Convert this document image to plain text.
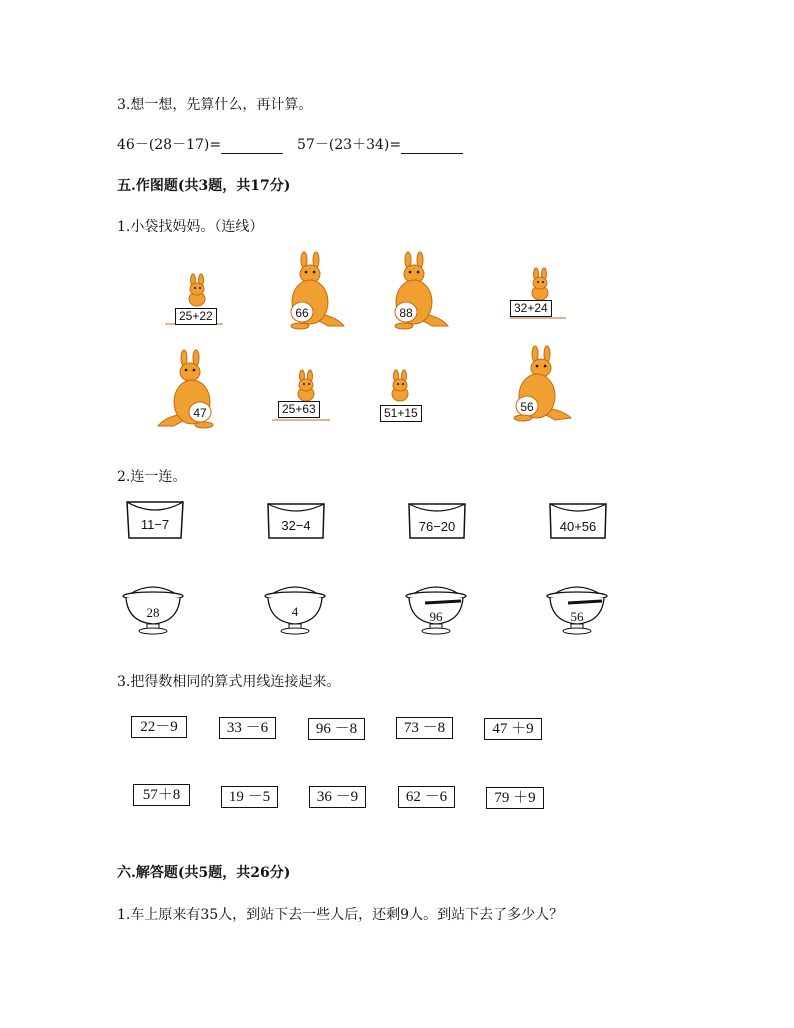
3.想一想，先算什么，再计算。
46－(28－17)=	57－(23＋34)=
五.作图题(共3题，共17分)
1.小袋找妈妈。（连线）
25+22	66	88	32+24
47	25+63	51+15	56
2.连一连。
11−7	32−4	76−20	40+56
28	4	96	56
3.把得数相同的算式用线连接起来。
22－9	33 －6	96 －8	73 －8	47 ＋9
57＋8	19 －5	36 －9	62 －6	79 ＋9
六.解答题(共5题，共26分)
1.车上原来有35人，到站下去一些人后，还剩9人。到站下去了多少人？
